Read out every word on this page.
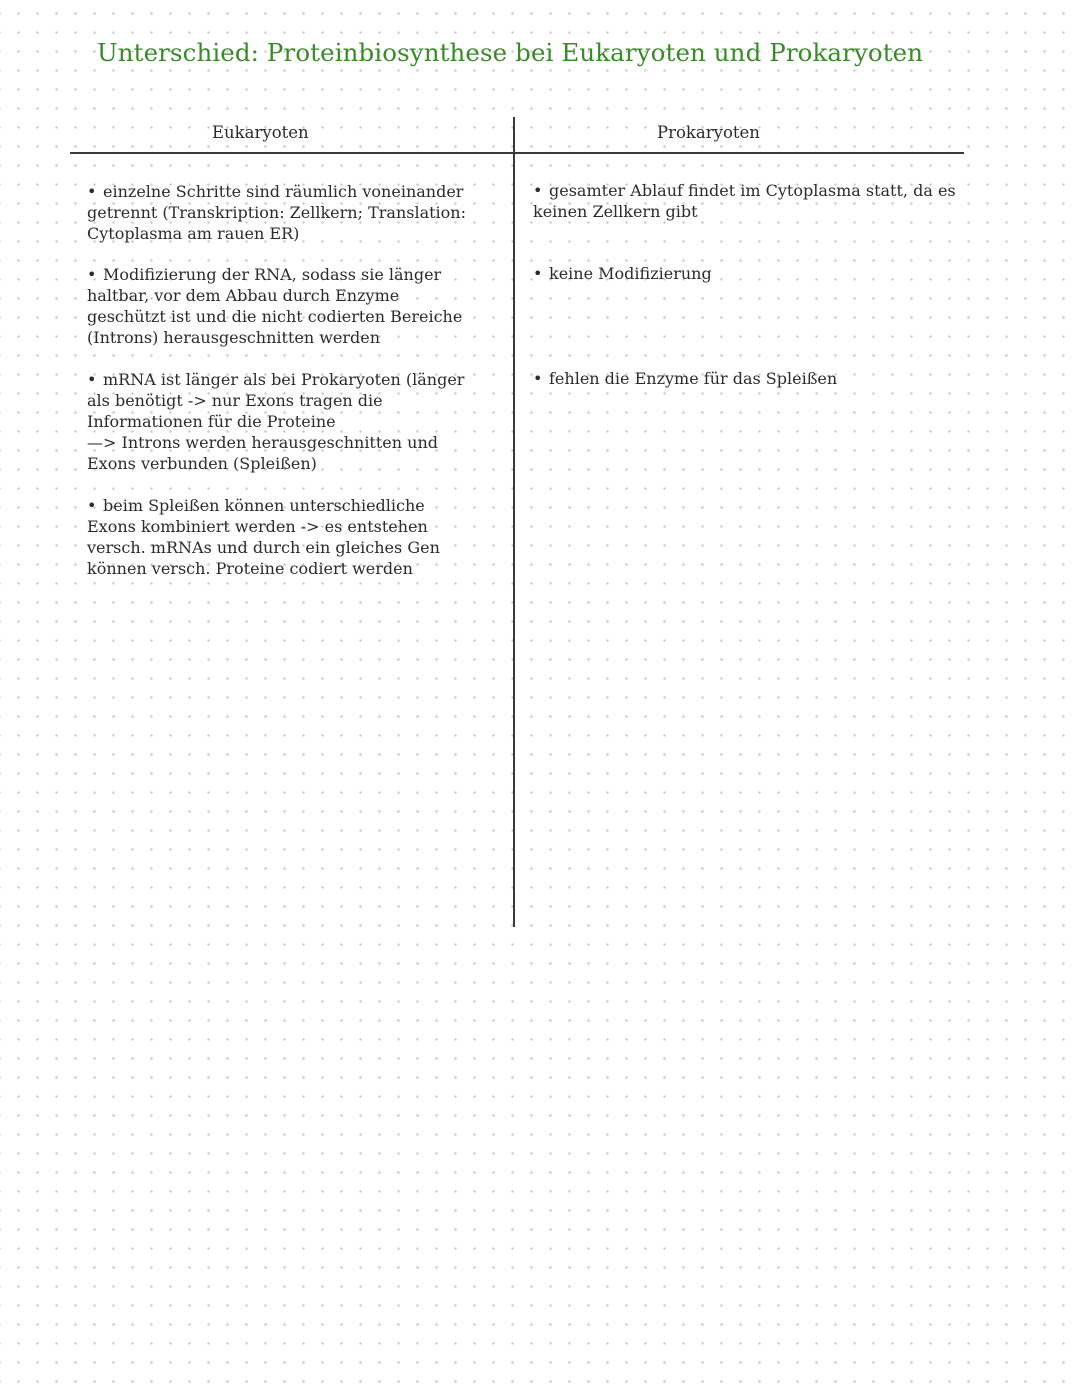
Unterschied: Proteinbiosynthese bei Eukaryoten und Prokaryoten
Eukaryoten	Prokaryoten

• einzelne Schritte sind räumlich voneinander
getrennt (Transkription: Zellkern; Translation:
Cytoplasma am rauen ER)

• Modifizierung der RNA, sodass sie länger
haltbar, vor dem Abbau durch Enzyme
geschützt ist und die nicht codierten Bereiche
(Introns) herausgeschnitten werden

• mRNA ist länger als bei Prokaryoten (länger
als benötigt -> nur Exons tragen die
Informationen für die Proteine
—> Introns werden herausgeschnitten und
Exons verbunden (Spleißen)

• beim Spleißen können unterschiedliche
Exons kombiniert werden -> es entstehen
versch. mRNAs und durch ein gleiches Gen
können versch. Proteine codiert werden

• gesamter Ablauf findet im Cytoplasma statt, da es
keinen Zellkern gibt

• keine Modifizierung

• fehlen die Enzyme für das Spleißen
